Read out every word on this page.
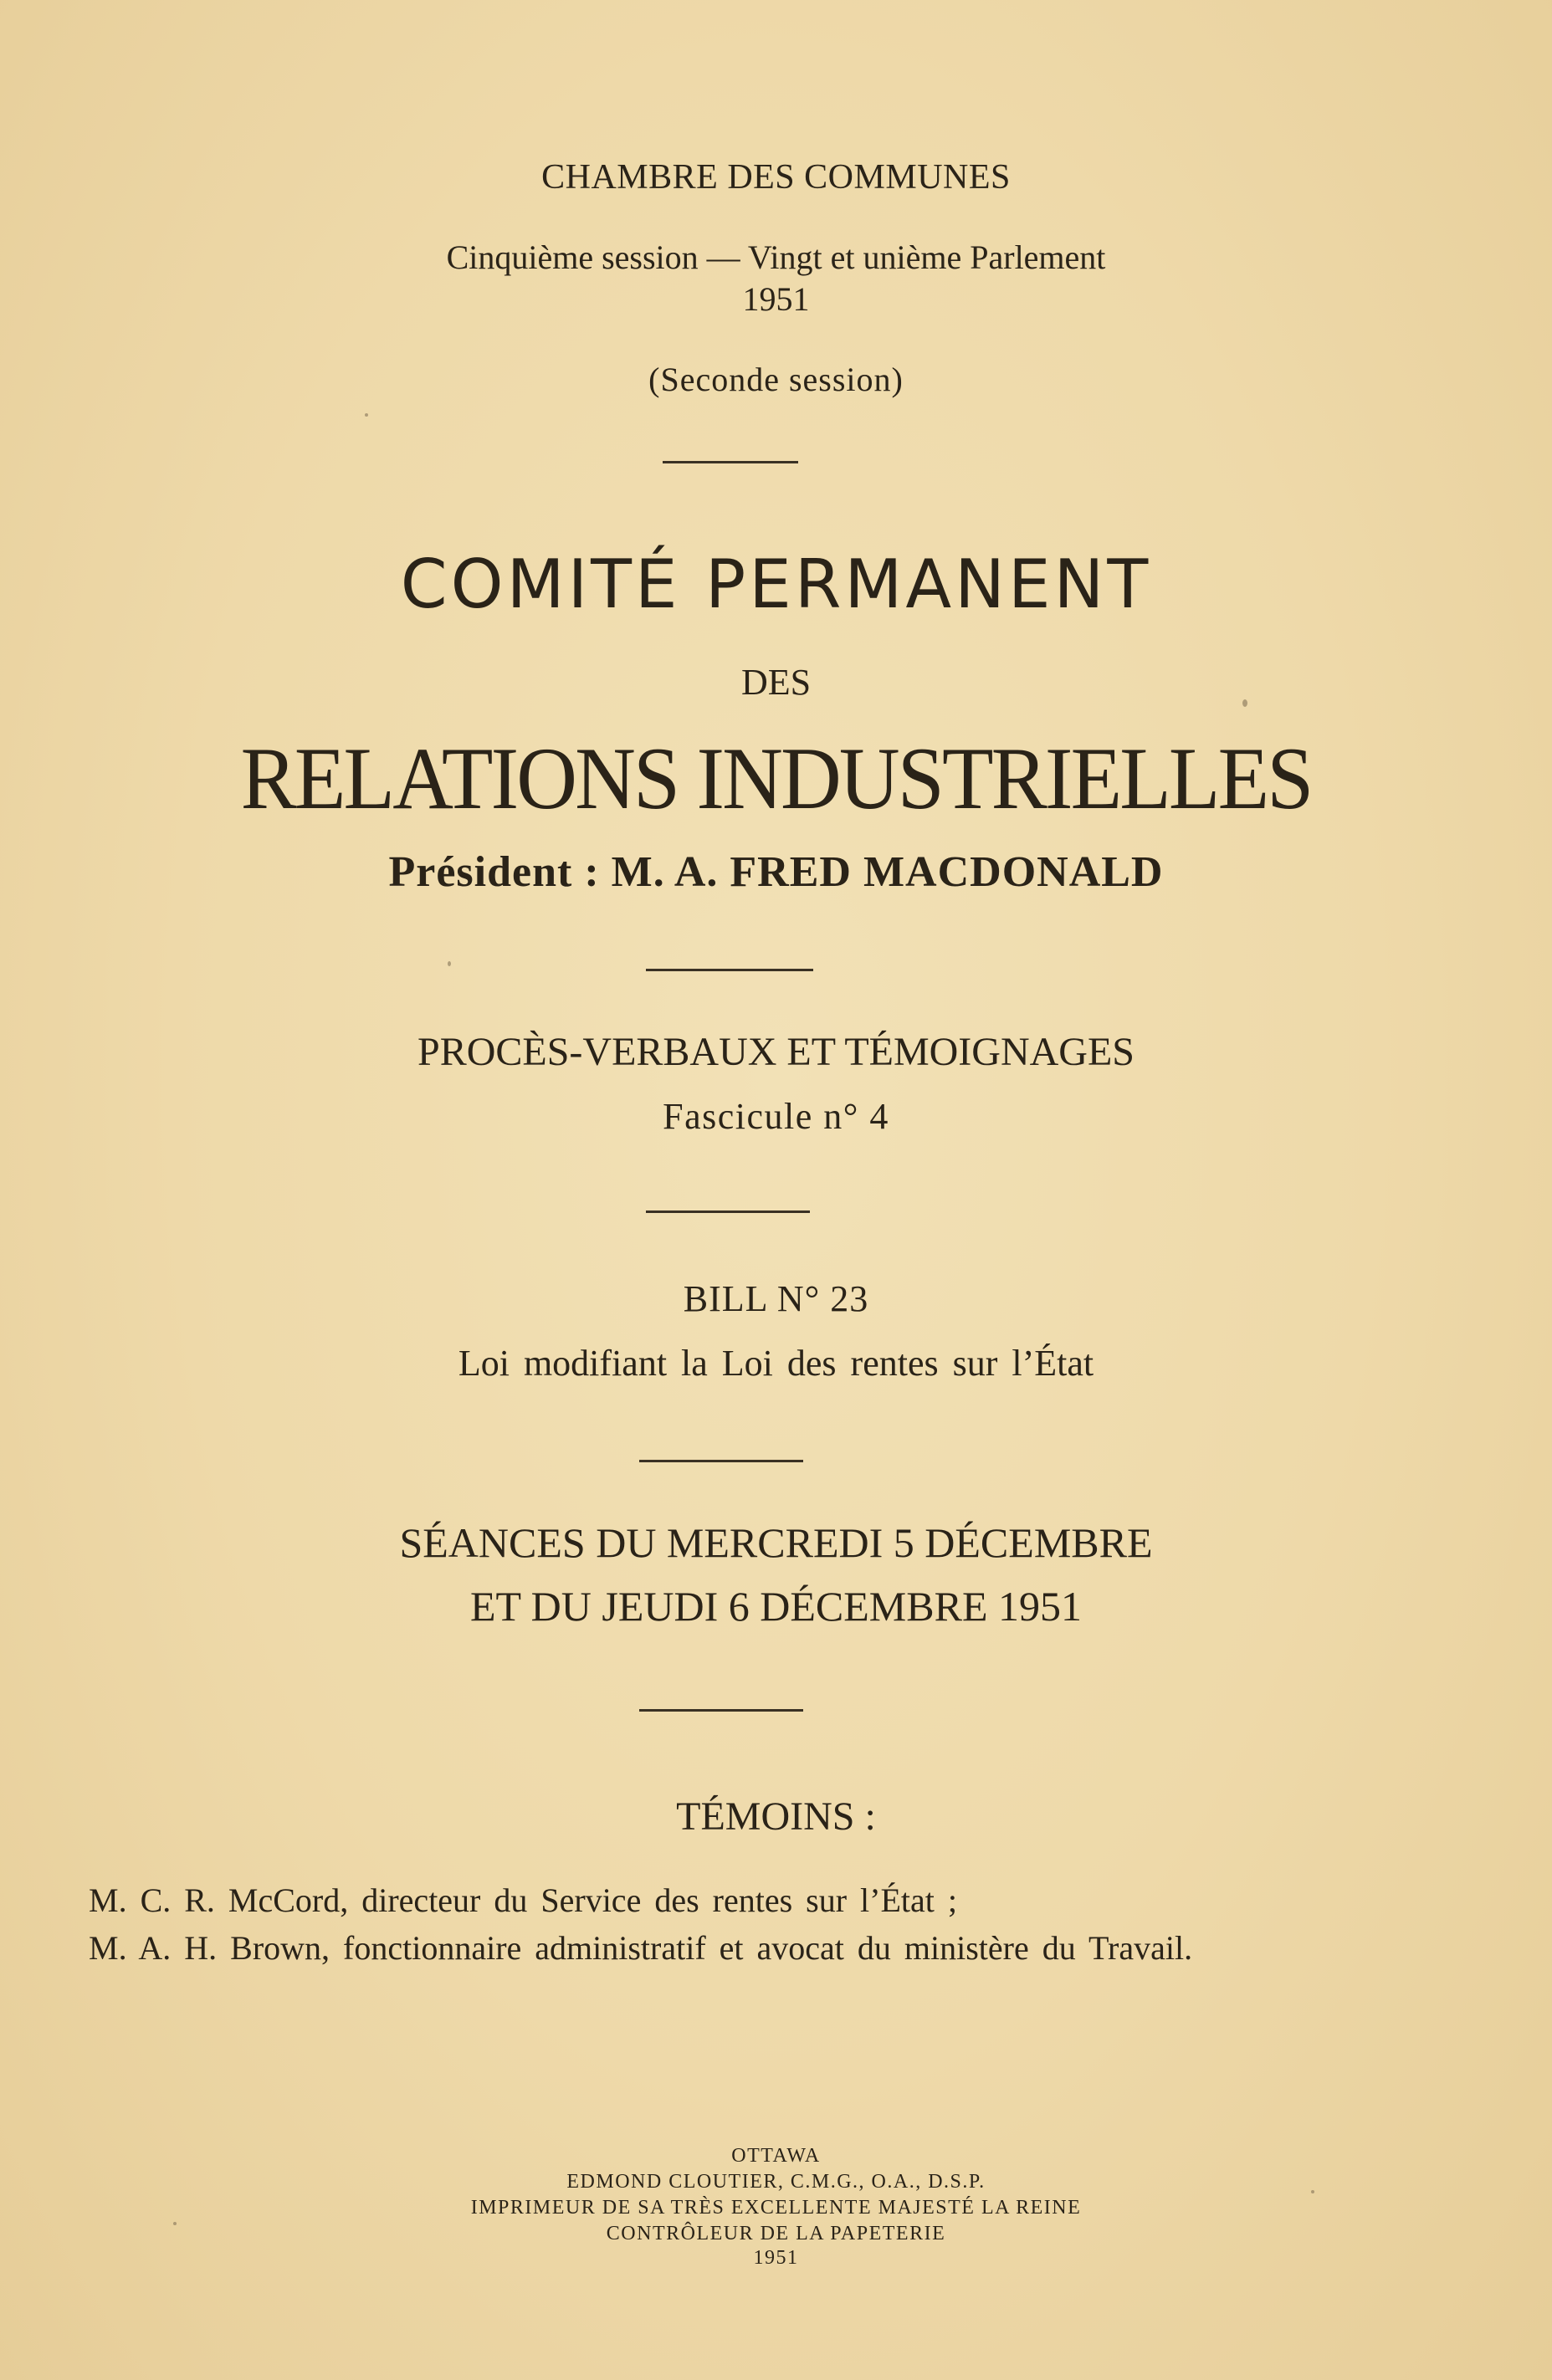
CHAMBRE DES COMMUNES
Cinquième session — Vingt et unième Parlement
1951
(Seconde session)
COMITÉ PERMANENT
DES
RELATIONS INDUSTRIELLES
Président : M. A. FRED MACDONALD
PROCÈS-VERBAUX ET TÉMOIGNAGES
Fascicule n° 4
BILL N° 23
Loi modifiant la Loi des rentes sur l’État
SÉANCES DU MERCREDI 5 DÉCEMBRE
ET DU JEUDI 6 DÉCEMBRE 1951
TÉMOINS :
M. C. R. McCord, directeur du Service des rentes sur l’État ;
M. A. H. Brown, fonctionnaire administratif et avocat du ministère du Travail.
OTTAWA
EDMOND CLOUTIER, C.M.G., O.A., D.S.P.
IMPRIMEUR DE SA TRÈS EXCELLENTE MAJESTÉ LA REINE
CONTRÔLEUR DE LA PAPETERIE
1951
